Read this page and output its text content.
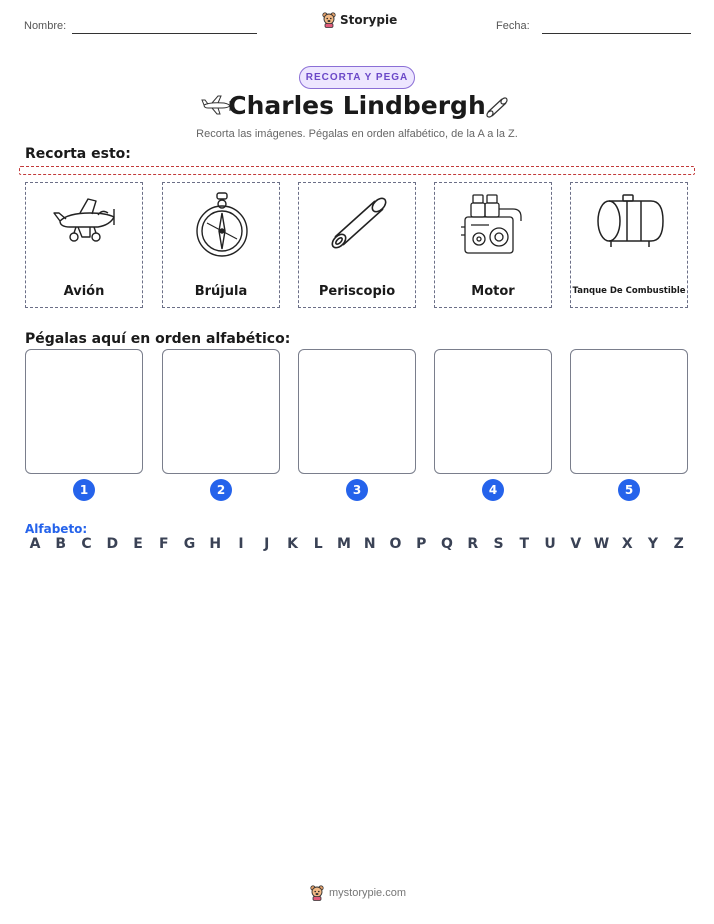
Nombre:	Storypie	Fecha:
RECORTA Y PEGA
Charles Lindbergh
Recorta las imágenes. Pégalas en orden alfabético, de la A a la Z.
Recorta esto:
Avión	Brújula	Periscopio	Motor	Tanque De Combustible
Pégalas aquí en orden alfabético:
1	2	3	4	5
Alfabeto:
A	B	C	D	E	F	G	H	I	J	K	L	M N O	P	Q	R	S	T	U	V W X	Y	Z
mystorypie.com
